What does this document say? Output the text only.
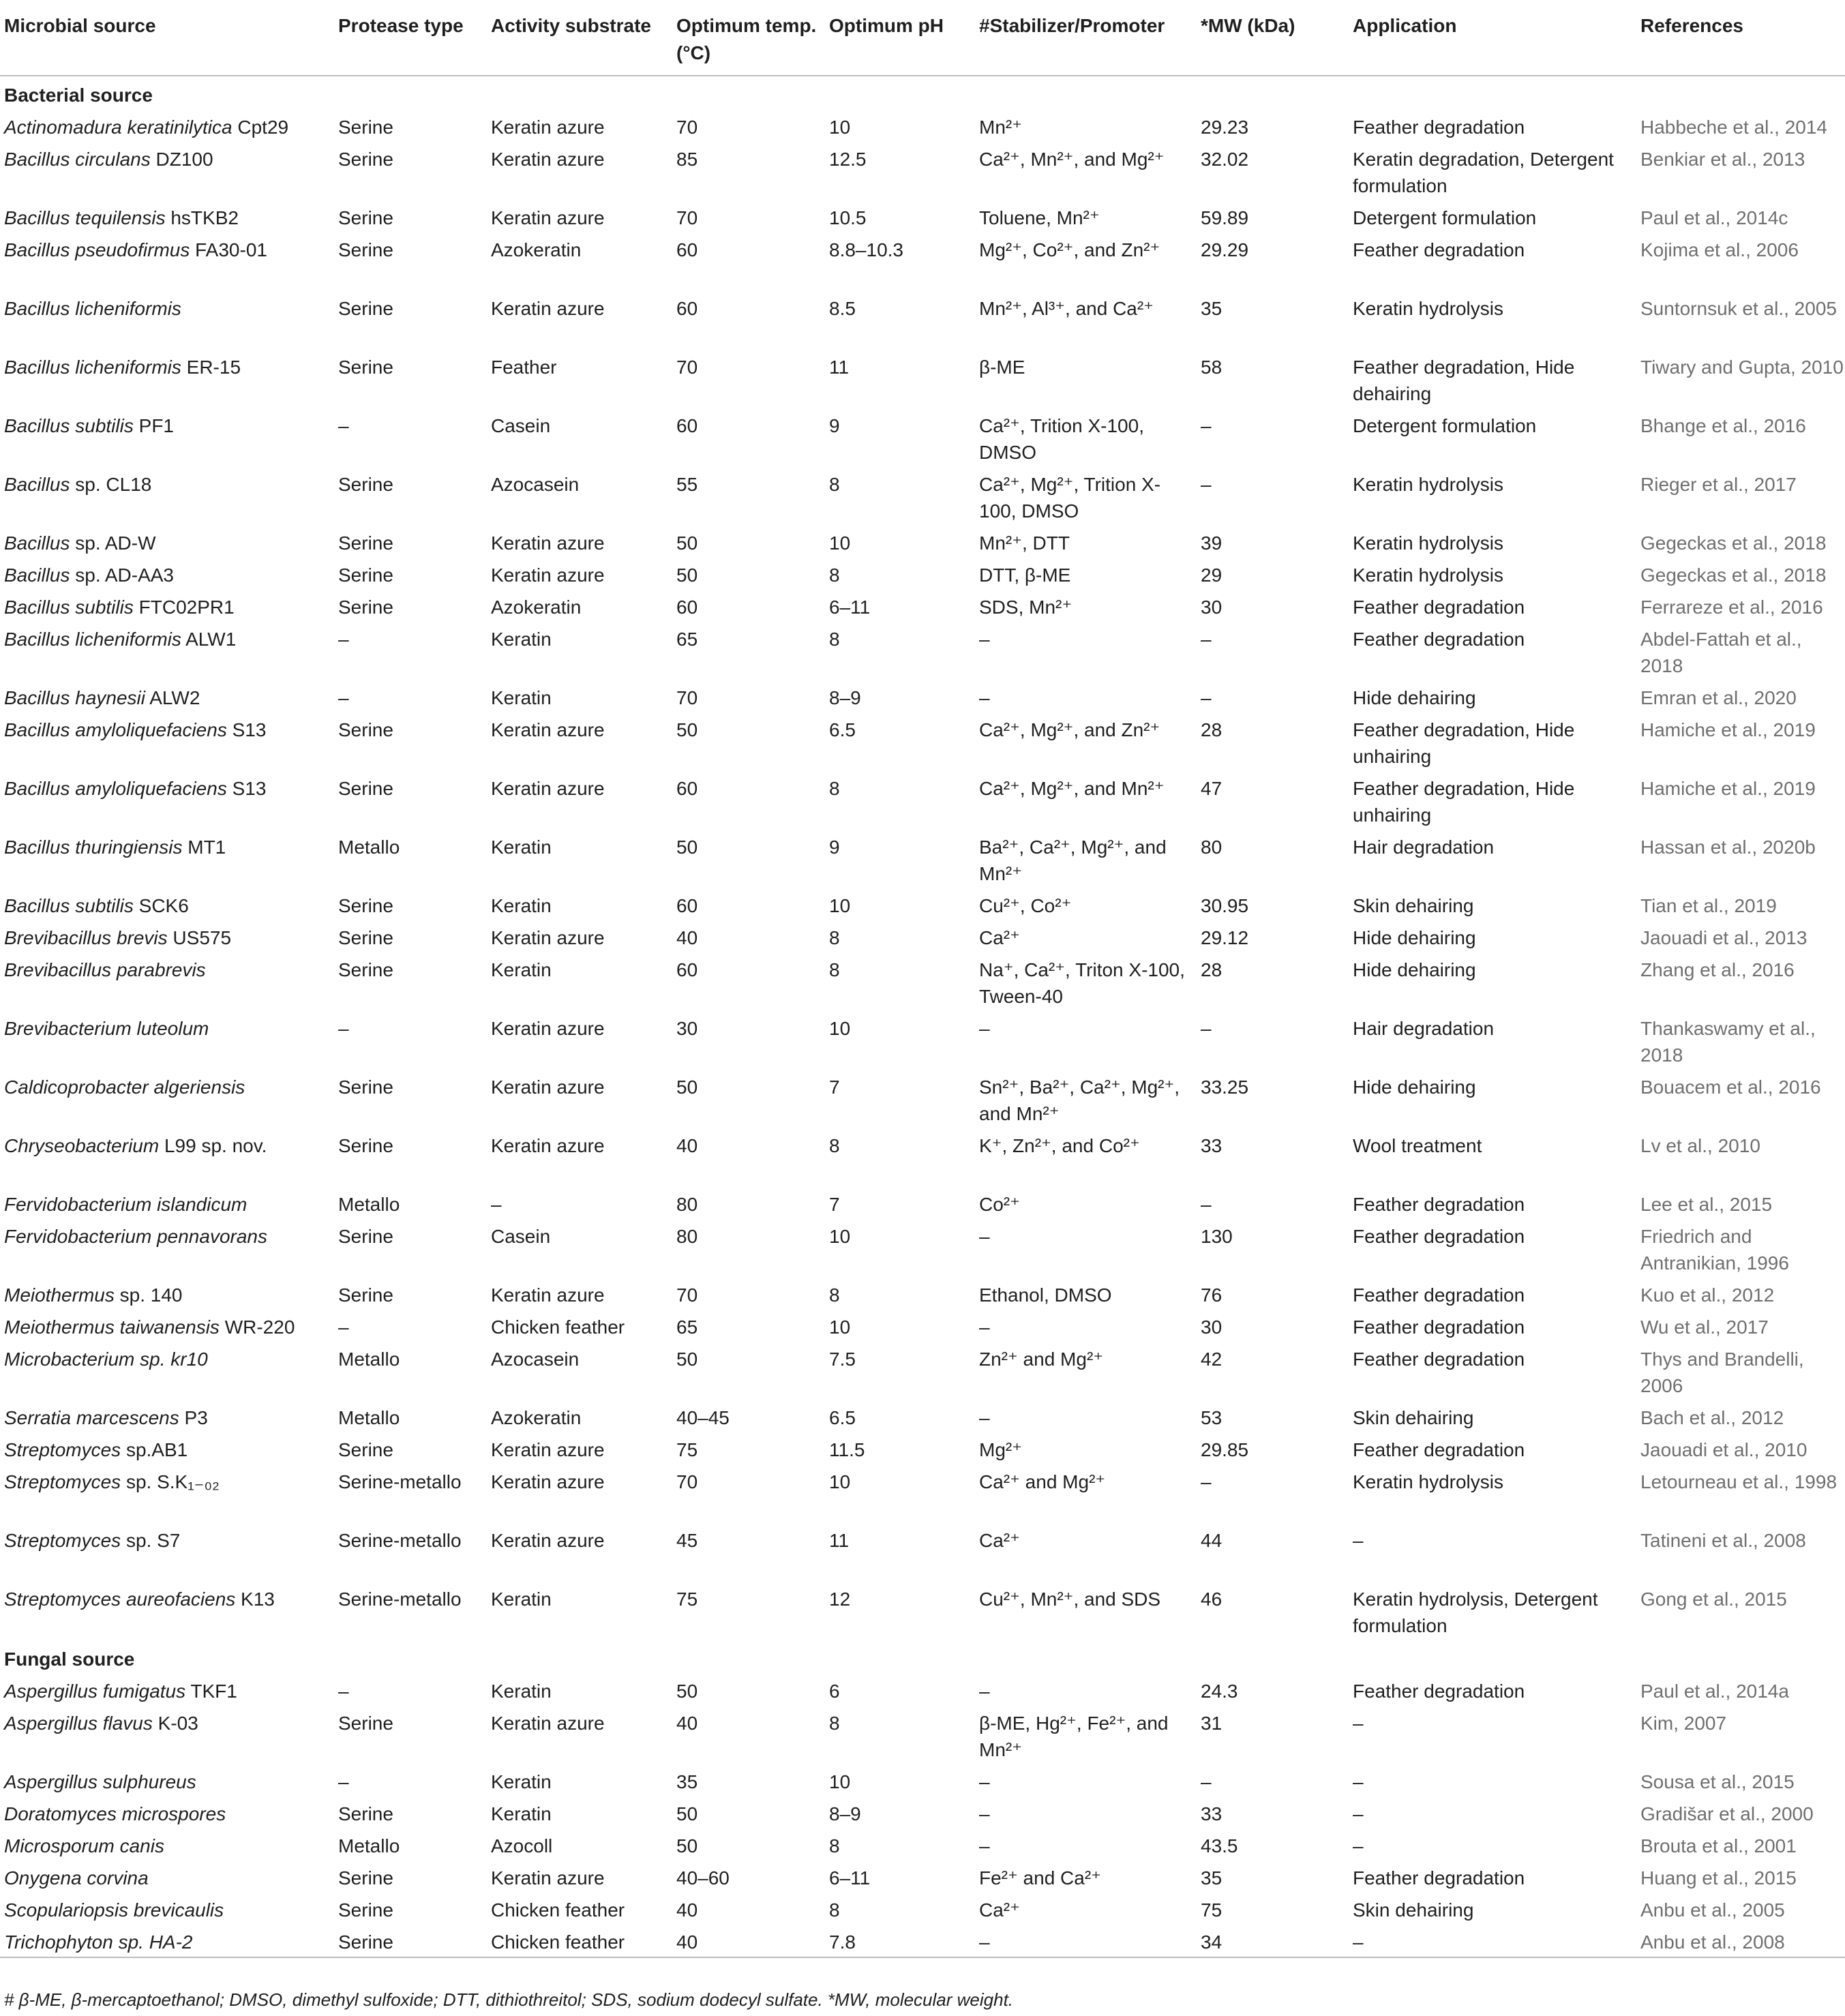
Microbial source	Protease type	Activity substrate	Optimum temp. (°C)	Optimum pH	#Stabilizer/Promoter	*MW (kDa)	Application	References
Bacterial source								
Actinomadura keratinilytica Cpt29	Serine	Keratin azure	70	10	Mn²⁺	29.23	Feather degradation	Habbeche et al., 2014
Bacillus circulans DZ100	Serine	Keratin azure	85	12.5	Ca²⁺, Mn²⁺, and Mg²⁺	32.02	Keratin degradation, Detergent formulation	Benkiar et al., 2013
Bacillus tequilensis hsTKB2	Serine	Keratin azure	70	10.5	Toluene, Mn²⁺	59.89	Detergent formulation	Paul et al., 2014c
Bacillus pseudofirmus FA30-01	Serine	Azokeratin	60	8.8–10.3	Mg²⁺, Co²⁺, and Zn²⁺	29.29	Feather degradation	Kojima et al., 2006
Bacillus licheniformis	Serine	Keratin azure	60	8.5	Mn²⁺, Al³⁺, and Ca²⁺	35	Keratin hydrolysis	Suntornsuk et al., 2005
Bacillus licheniformis ER-15	Serine	Feather	70	11	β-ME	58	Feather degradation, Hide dehairing	Tiwary and Gupta, 2010
Bacillus subtilis PF1	–	Casein	60	9	Ca²⁺, Trition X-100, DMSO	–	Detergent formulation	Bhange et al., 2016
Bacillus sp. CL18	Serine	Azocasein	55	8	Ca²⁺, Mg²⁺, Trition X-100, DMSO	–	Keratin hydrolysis	Rieger et al., 2017
Bacillus sp. AD-W	Serine	Keratin azure	50	10	Mn²⁺, DTT	39	Keratin hydrolysis	Gegeckas et al., 2018
Bacillus sp. AD-AA3	Serine	Keratin azure	50	8	DTT, β-ME	29	Keratin hydrolysis	Gegeckas et al., 2018
Bacillus subtilis FTC02PR1	Serine	Azokeratin	60	6–11	SDS, Mn²⁺	30	Feather degradation	Ferrareze et al., 2016
Bacillus licheniformis ALW1	–	Keratin	65	8	–	–	Feather degradation	Abdel-Fattah et al., 2018
Bacillus haynesii ALW2	–	Keratin	70	8–9	–	–	Hide dehairing	Emran et al., 2020
Bacillus amyloliquefaciens S13	Serine	Keratin azure	50	6.5	Ca²⁺, Mg²⁺, and Zn²⁺	28	Feather degradation, Hide unhairing	Hamiche et al., 2019
Bacillus amyloliquefaciens S13	Serine	Keratin azure	60	8	Ca²⁺, Mg²⁺, and Mn²⁺	47	Feather degradation, Hide unhairing	Hamiche et al., 2019
Bacillus thuringiensis MT1	Metallo	Keratin	50	9	Ba²⁺, Ca²⁺, Mg²⁺, and Mn²⁺	80	Hair degradation	Hassan et al., 2020b
Bacillus subtilis SCK6	Serine	Keratin	60	10	Cu²⁺, Co²⁺	30.95	Skin dehairing	Tian et al., 2019
Brevibacillus brevis US575	Serine	Keratin azure	40	8	Ca²⁺	29.12	Hide dehairing	Jaouadi et al., 2013
Brevibacillus parabrevis	Serine	Keratin	60	8	Na⁺, Ca²⁺, Triton X-100, Tween-40	28	Hide dehairing	Zhang et al., 2016
Brevibacterium luteolum	–	Keratin azure	30	10	–	–	Hair degradation	Thankaswamy et al., 2018
Caldicoprobacter algeriensis	Serine	Keratin azure	50	7	Sn²⁺, Ba²⁺, Ca²⁺, Mg²⁺, and Mn²⁺	33.25	Hide dehairing	Bouacem et al., 2016
Chryseobacterium L99 sp. nov.	Serine	Keratin azure	40	8	K⁺, Zn²⁺, and Co²⁺	33	Wool treatment	Lv et al., 2010
Fervidobacterium islandicum	Metallo	–	80	7	Co²⁺	–	Feather degradation	Lee et al., 2015
Fervidobacterium pennavorans	Serine	Casein	80	10	–	130	Feather degradation	Friedrich and Antranikian, 1996
Meiothermus sp. 140	Serine	Keratin azure	70	8	Ethanol, DMSO	76	Feather degradation	Kuo et al., 2012
Meiothermus taiwanensis WR-220	–	Chicken feather	65	10	–	30	Feather degradation	Wu et al., 2017
Microbacterium sp. kr10	Metallo	Azocasein	50	7.5	Zn²⁺ and Mg²⁺	42	Feather degradation	Thys and Brandelli, 2006
Serratia marcescens P3	Metallo	Azokeratin	40–45	6.5	–	53	Skin dehairing	Bach et al., 2012
Streptomyces sp.AB1	Serine	Keratin azure	75	11.5	Mg²⁺	29.85	Feather degradation	Jaouadi et al., 2010
Streptomyces sp. S.K₁₋₀₂	Serine-metallo	Keratin azure	70	10	Ca²⁺ and Mg²⁺	–	Keratin hydrolysis	Letourneau et al., 1998
Streptomyces sp. S7	Serine-metallo	Keratin azure	45	11	Ca²⁺	44	–	Tatineni et al., 2008
Streptomyces aureofaciens K13	Serine-metallo	Keratin	75	12	Cu²⁺, Mn²⁺, and SDS	46	Keratin hydrolysis, Detergent formulation	Gong et al., 2015
Fungal source								
Aspergillus fumigatus TKF1	–	Keratin	50	6	–	24.3	Feather degradation	Paul et al., 2014a
Aspergillus flavus K-03	Serine	Keratin azure	40	8	β-ME, Hg²⁺, Fe²⁺, and Mn²⁺	31	–	Kim, 2007
Aspergillus sulphureus	–	Keratin	35	10	–	–	–	Sousa et al., 2015
Doratomyces microspores	Serine	Keratin	50	8–9	–	33	–	Gradišar et al., 2000
Microsporum canis	Metallo	Azocoll	50	8	–	43.5	–	Brouta et al., 2001
Onygena corvina	Serine	Keratin azure	40–60	6–11	Fe²⁺ and Ca²⁺	35	Feather degradation	Huang et al., 2015
Scopulariopsis brevicaulis	Serine	Chicken feather	40	8	Ca²⁺	75	Skin dehairing	Anbu et al., 2005
Trichophyton sp. HA-2	Serine	Chicken feather	40	7.8	–	34	–	Anbu et al., 2008
# β-ME, β-mercaptoethanol; DMSO, dimethyl sulfoxide; DTT, dithiothreitol; SDS, sodium dodecyl sulfate. *MW, molecular weight.
